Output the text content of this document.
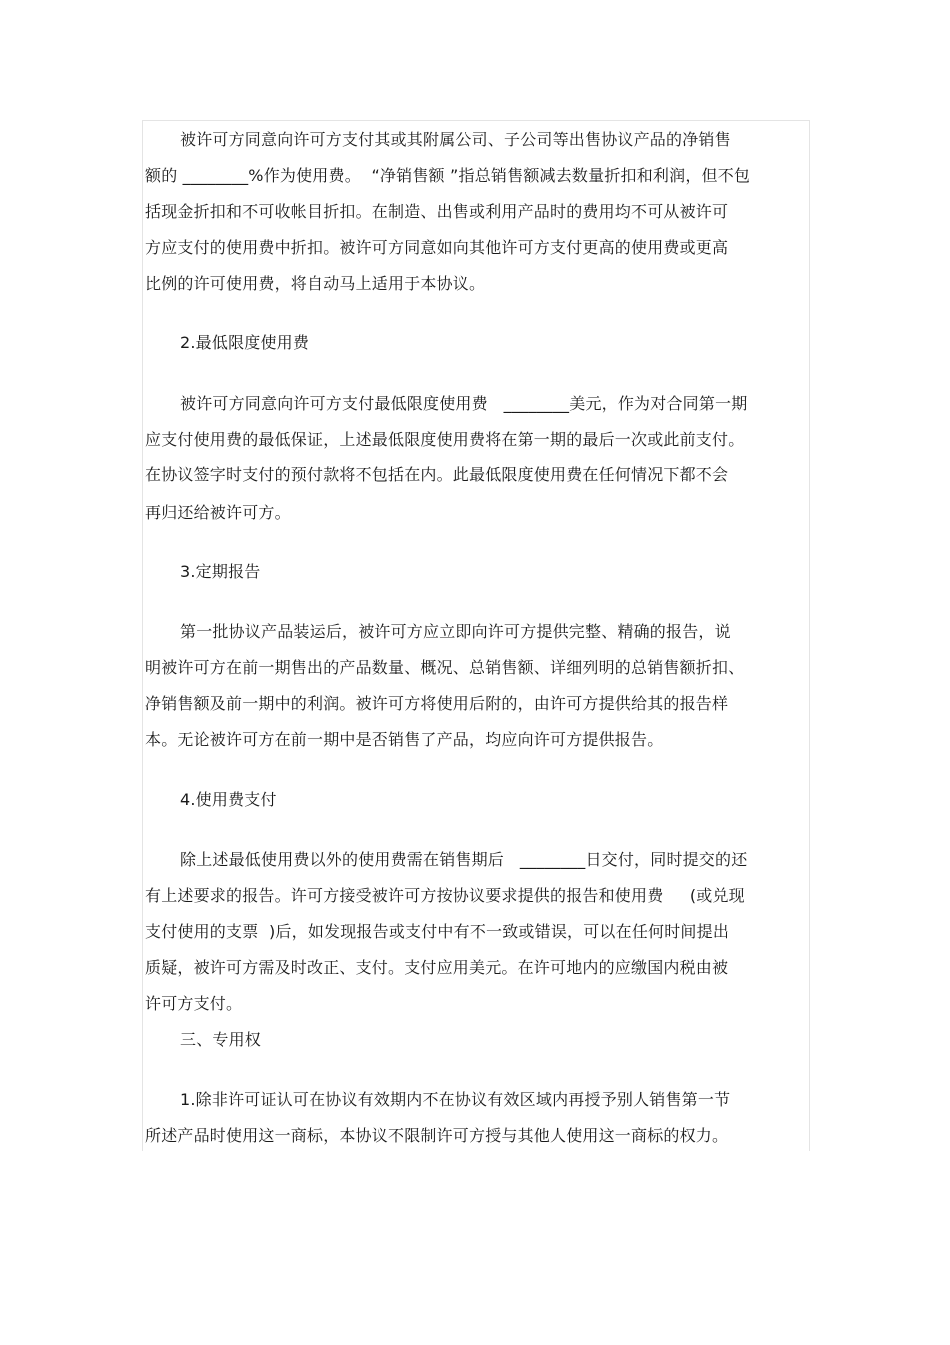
被许可方同意向许可方支付其或其附属公司、子公司等出售协议产品的净销售
额的 ________%作为使用费。  “净销售额 ”指总销售额减去数量折扣和利润，但不包
括现金折扣和不可收帐目折扣。在制造、出售或利用产品时的费用均不可从被许可
方应支付的使用费中折扣。被许可方同意如向其他许可方支付更高的使用费或更高
比例的许可使用费，将自动马上适用于本协议。
2.最低限度使用费
被许可方同意向许可方支付最低限度使用费   ________美元，作为对合同第一期
应支付使用费的最低保证，上述最低限度使用费将在第一期的最后一次或此前支付。
在协议签字时支付的预付款将不包括在内。此最低限度使用费在任何情况下都不会
再归还给被许可方。
3.定期报告
第一批协议产品装运后，被许可方应立即向许可方提供完整、精确的报告，说
明被许可方在前一期售出的产品数量、概况、总销售额、详细列明的总销售额折扣、
净销售额及前一期中的利润。被许可方将使用后附的，由许可方提供给其的报告样
本。无论被许可方在前一期中是否销售了产品，均应向许可方提供报告。
4.使用费支付
除上述最低使用费以外的使用费需在销售期后   ________日交付，同时提交的还
有上述要求的报告。许可方接受被许可方按协议要求提供的报告和使用费     (或兑现
支付使用的支票  )后，如发现报告或支付中有不一致或错误，可以在任何时间提出
质疑，被许可方需及时改正、支付。支付应用美元。在许可地内的应缴国内税由被
许可方支付。
三、专用权
1.除非许可证认可在协议有效期内不在协议有效区域内再授予别人销售第一节
所述产品时使用这一商标，本协议不限制许可方授与其他人使用这一商标的权力。
